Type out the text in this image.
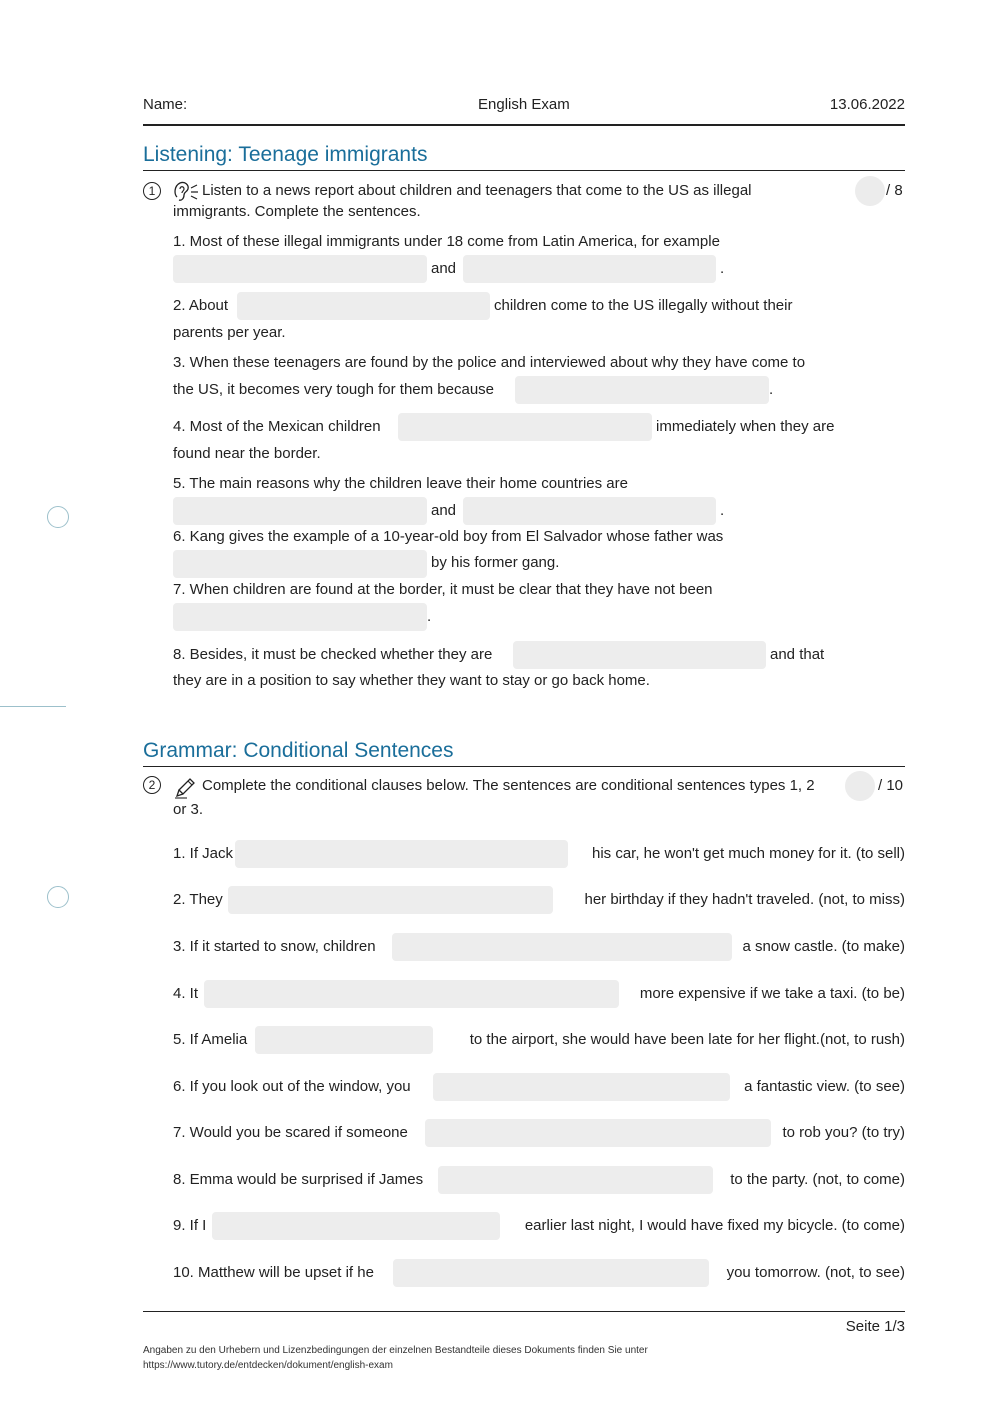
Name:	English Exam	13.06.2022
Listening: Teenage immigrants
1	Listen to a news report about children and teenagers that come to the US as illegal
immigrants. Complete the sentences.
/ 8
1. Most of these illegal immigrants under 18 come from Latin America, for example
and	.
2. About	children come to the US illegally without their
parents per year.
3. When these teenagers are found by the police and interviewed about why they have come to
the US, it becomes very tough for them because	.
4. Most of the Mexican children	immediately when they are
found near the border.
5. The main reasons why the children leave their home countries are
and	.
6. Kang gives the example of a 10-year-old boy from El Salvador whose father was
by his former gang.
7. When children are found at the border, it must be clear that they have not been
.
8. Besides, it must be checked whether they are	and that
they are in a position to say whether they want to stay or go back home.
Grammar: Conditional Sentences
2	Complete the conditional clauses below. The sentences are conditional sentences types 1, 2	/ 10
or 3.
1. If Jack	his car, he won't get much money for it. (to sell)
2. They	her birthday if they hadn't traveled. (not, to miss)
3. If it started to snow, children	a snow castle. (to make)
4. It	more expensive if we take a taxi. (to be)
5. If Amelia	to the airport, she would have been late for her flight.(not, to rush)
6. If you look out of the window, you	a fantastic view. (to see)
7. Would you be scared if someone	to rob you? (to try)
8. Emma would be surprised if James	to the party. (not, to come)
9. If I	earlier last night, I would have fixed my bicycle. (to come)
10. Matthew will be upset if he	you tomorrow. (not, to see)
Seite 1/3
Angaben zu den Urhebern und Lizenzbedingungen der einzelnen Bestandteile dieses Dokuments finden Sie unter
https://www.tutory.de/entdecken/dokument/english-exam
